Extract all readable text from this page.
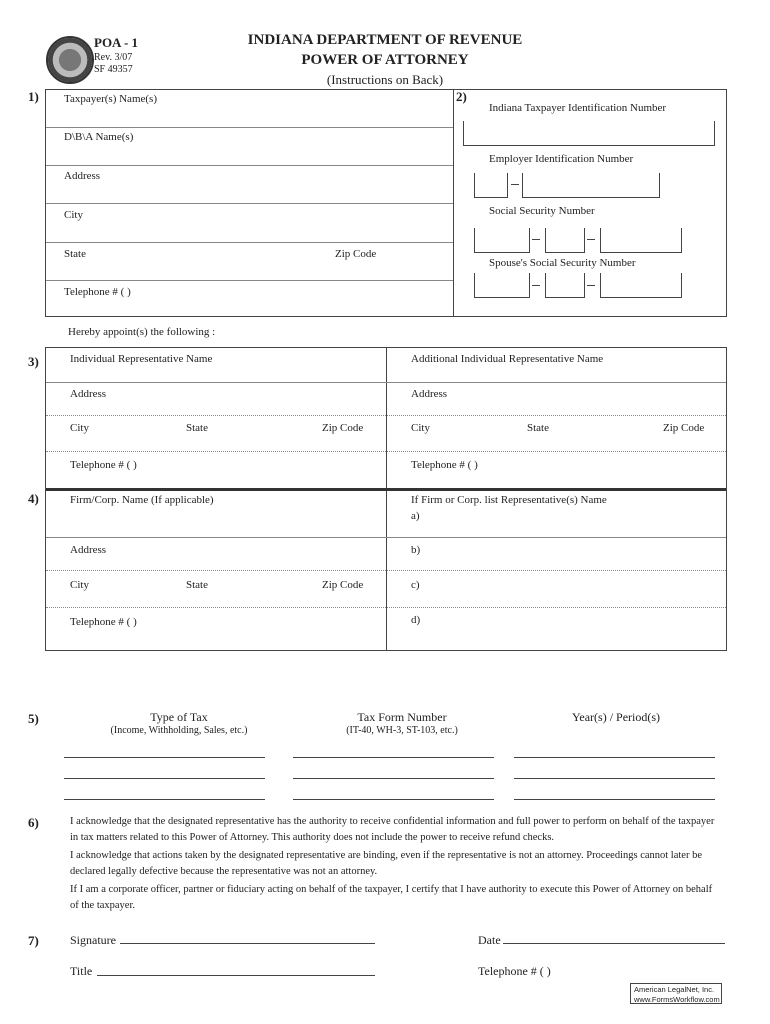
POA - 1
Rev. 3/07
SF 49357
INDIANA DEPARTMENT OF REVENUE
POWER OF ATTORNEY
(Instructions on Back)
1)	2)
Taxpayer(s) Name(s)
D\B\A Name(s)
Address
City
State	Zip Code
Telephone # ( )
Indiana Taxpayer Identification Number
Employer Identification Number
Social Security Number
Spouse's Social Security Number
Hereby appoint(s) the following :
3)
4)
Individual Representative Name	Additional Individual Representative Name
Address	Address
City	State	Zip Code	City	State	Zip Code
Telephone # ( )	Telephone # ( )
Firm/Corp. Name (If applicable)	If Firm or Corp. list Representative(s) Name
a)
Address	b)
City	State	Zip Code	c)
Telephone # ( )	d)
5)	Type of Tax
(Income, Withholding, Sales, etc.)
Tax Form Number
(IT-40, WH-3, ST-103, etc.)
Year(s) / Period(s)
6)	I acknowledge that the designated representative has the authority to receive confidential information and full power to perform on behalf of the taxpayer in tax matters related to this Power of Attorney. This authority does not include the power to receive refund checks.
I acknowledge that actions taken by the designated representative are binding, even if the representative is not an attorney. Proceedings cannot later be declared legally defective because the representative was not an attorney.
If I am a corporate officer, partner or fiduciary acting on behalf of the taxpayer, I certify that I have authority to execute this Power of Attorney on behalf of the taxpayer.
7)	Signature	Date
Title	Telephone # ( )
American LegalNet, Inc.
www.FormsWorkflow.com
